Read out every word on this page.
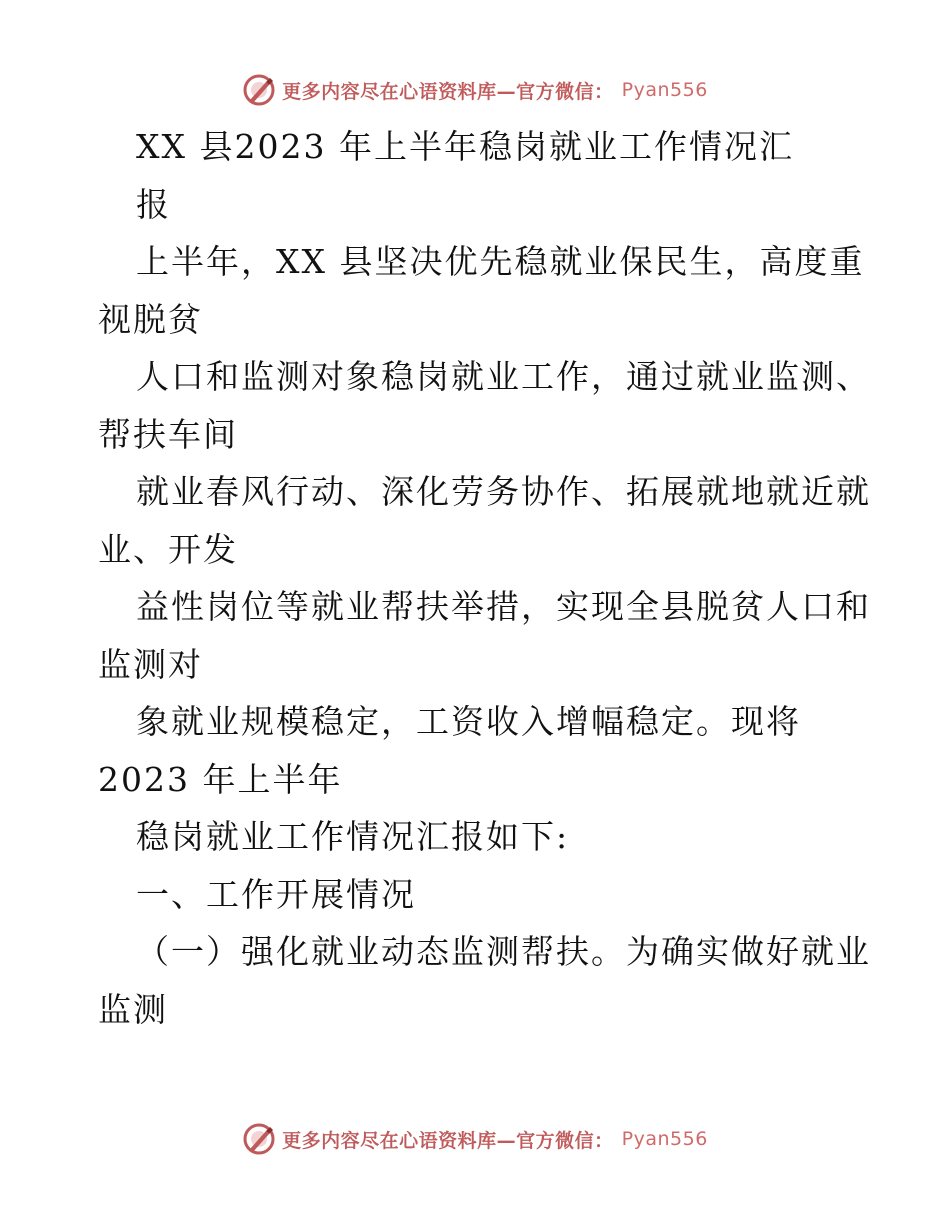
更多内容尽在心语资料库—官方微信： Pyan556
XX 县2023 年上半年稳岗就业工作情况汇
报
上半年，XX 县坚决优先稳就业保民生，高度重
视脱贫
人口和监测对象稳岗就业工作，通过就业监测、
帮扶车间
就业春风行动、深化劳务协作、拓展就地就近就
业、开发
益性岗位等就业帮扶举措，实现全县脱贫人口和
监测对
象就业规模稳定，工资收入增幅稳定。现将
2023 年上半年
稳岗就业工作情况汇报如下:
一、工作开展情况
（一）强化就业动态监测帮扶。为确实做好就业
监测
更多内容尽在心语资料库—官方微信： Pyan556
